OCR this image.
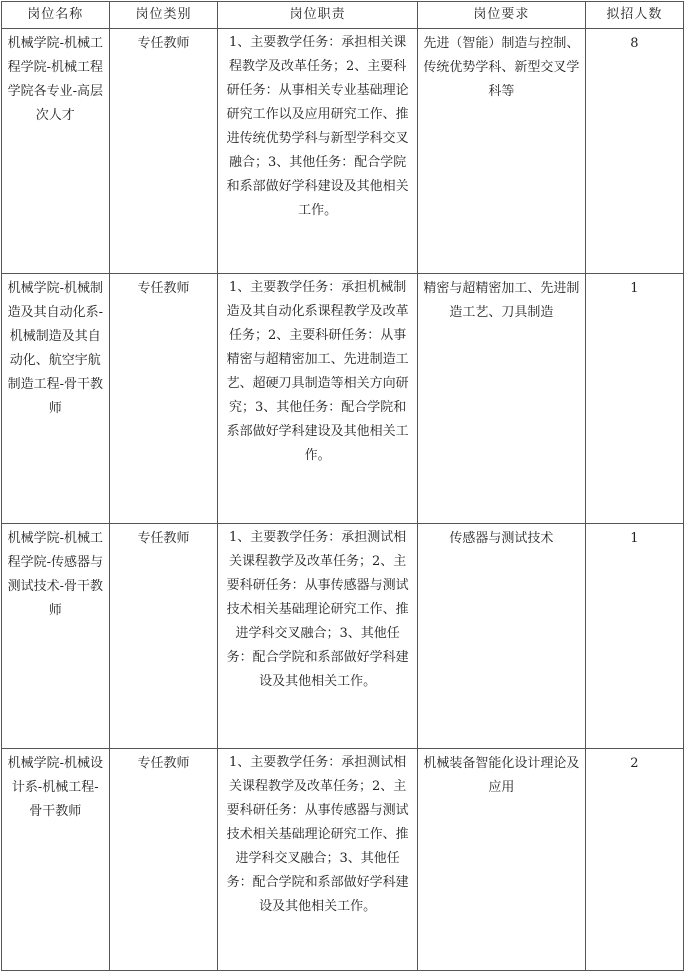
岗位名称	岗位类别	岗位职责	岗位要求	拟招人数
机械学院-机械工程学院-机械工程学院各专业-高层次人才	专任教师	1、主要教学任务：承担相关课程教学及改革任务；2、主要科研任务：从事相关专业基础理论研究工作以及应用研究工作、推进传统优势学科与新型学科交叉融合；3、其他任务：配合学院和系部做好学科建设及其他相关工作。	先进（智能）制造与控制、传统优势学科、新型交叉学科等	8
机械学院-机械制造及其自动化系-机械制造及其自动化、航空宇航制造工程-骨干教师	专任教师	1、主要教学任务：承担机械制造及其自动化系课程教学及改革任务；2、主要科研任务：从事精密与超精密加工、先进制造工艺、超硬刀具制造等相关方向研究；3、其他任务：配合学院和系部做好学科建设及其他相关工作。	精密与超精密加工、先进制造工艺、刀具制造	1
机械学院-机械工程学院-传感器与测试技术-骨干教师	专任教师	1、主要教学任务：承担测试相关课程教学及改革任务；2、主要科研任务：从事传感器与测试技术相关基础理论研究工作、推进学科交叉融合；3、其他任务：配合学院和系部做好学科建设及其他相关工作。	传感器与测试技术	1
机械学院-机械设计系-机械工程-骨干教师	专任教师	1、主要教学任务：承担测试相关课程教学及改革任务；2、主要科研任务：从事传感器与测试技术相关基础理论研究工作、推进学科交叉融合；3、其他任务：配合学院和系部做好学科建设及其他相关工作。	机械装备智能化设计理论及应用	2
